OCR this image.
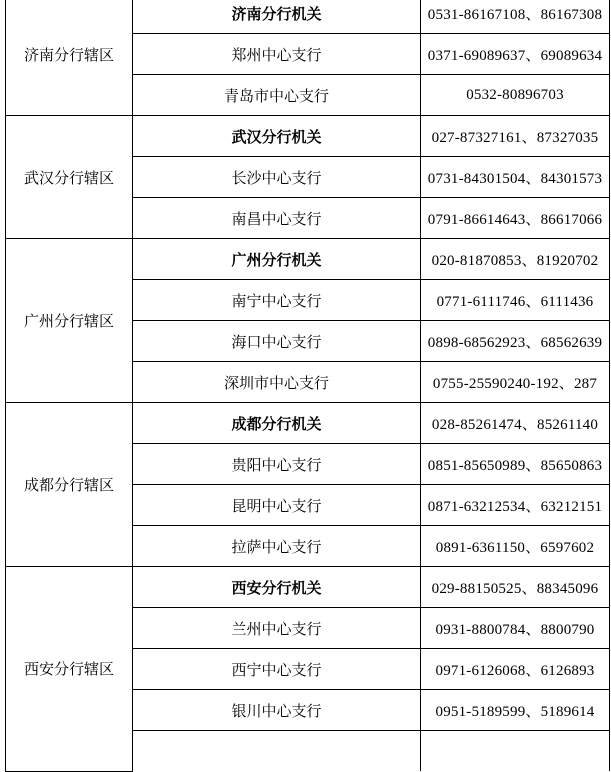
济南分行辖区	济南分行机关	0531-86167108、86167308
	郑州中心支行	0371-69089637、69089634
	青岛市中心支行	0532-80896703
武汉分行辖区	武汉分行机关	027-87327161、87327035
	长沙中心支行	0731-84301504、84301573
	南昌中心支行	0791-86614643、86617066
广州分行辖区	广州分行机关	020-81870853、81920702
	南宁中心支行	0771-6111746、6111436
	海口中心支行	0898-68562923、68562639
	深圳市中心支行	0755-25590240-192、287
成都分行辖区	成都分行机关	028-85261474、85261140
	贵阳中心支行	0851-85650989、85650863
	昆明中心支行	0871-63212534、63212151
	拉萨中心支行	0891-6361150、6597602
西安分行辖区	西安分行机关	029-88150525、88345096
	兰州中心支行	0931-8800784、8800790
	西宁中心支行	0971-6126068、6126893
	银川中心支行	0951-5189599、5189614
